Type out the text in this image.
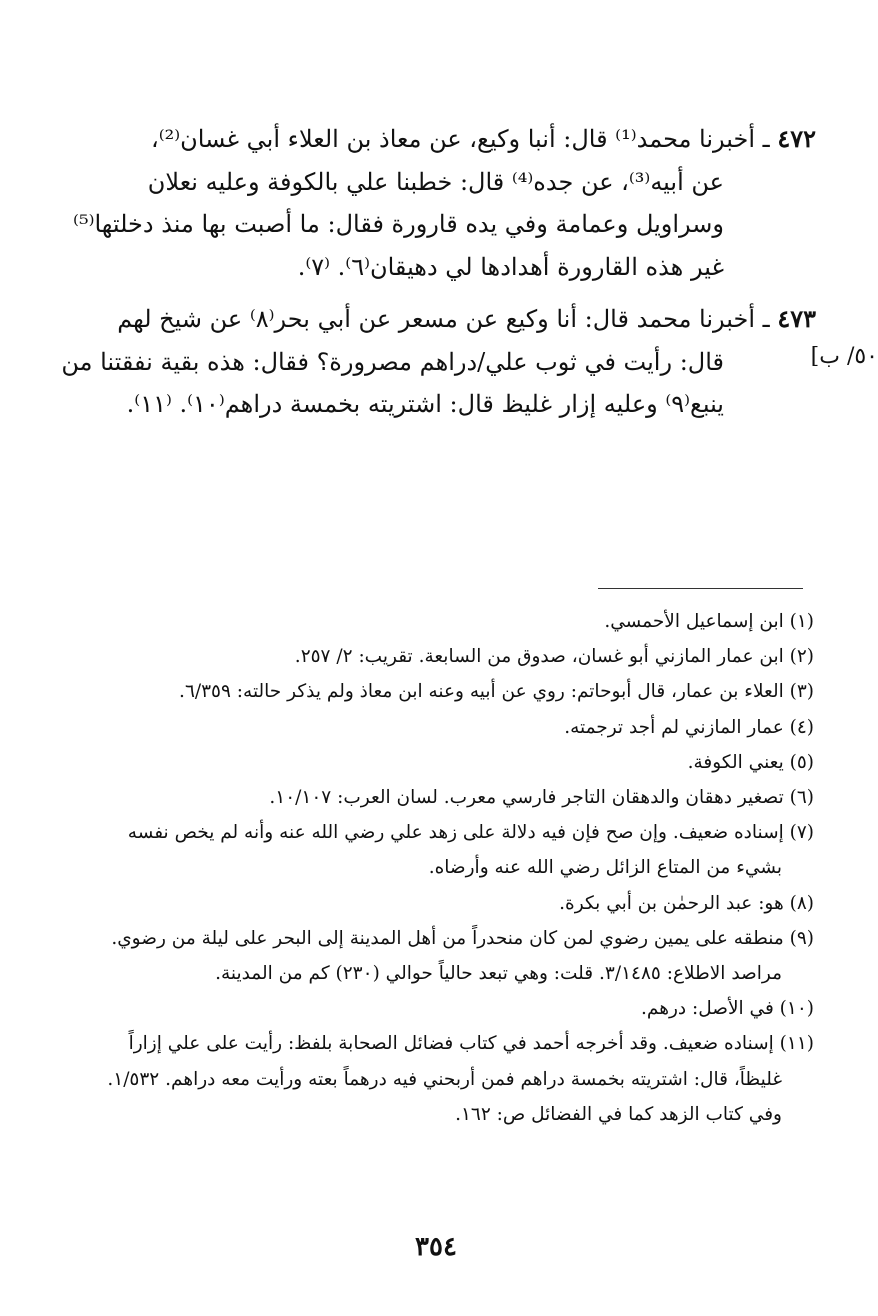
٤٧٢ ـ أخبرنا محمد⁽¹⁾ قال: أنبا وكيع، عن معاذ بن العلاء أبي غسان⁽²⁾،
عن أبيه⁽³⁾، عن جده⁽⁴⁾ قال: خطبنا علي بالكوفة وعليه نعلان
وسراويل وعمامة وفي يده قارورة فقال: ما أصبت بها منذ دخلتها⁽⁵⁾
غير هذه القارورة أهدادها لي دهيقان⁽٦⁾. ⁽٧⁾.
٤٧٣ ـ أخبرنا محمد قال: أنا وكيع عن مسعر عن أبي بحر⁽٨⁾ عن شيخ لهم
قال: رأيت في ثوب علي/دراهم مصرورة؟ فقال: هذه بقية نفقتنا من
ينبع⁽٩⁾ وعليه إزار غليظ قال: اشتريته بخمسة دراهم⁽١٠⁾. ⁽١١⁾.
٥٠/ ب]
(١) ابن إسماعيل الأحمسي.
(٢) ابن عمار المازني أبو غسان، صدوق من السابعة. تقريب: ٢/ ٢٥٧.
(٣) العلاء بن عمار، قال أبوحاتم: روي عن أبيه وعنه ابن معاذ ولم يذكر حالته: ٦/٣٥٩.
(٤) عمار المازني لم أجد ترجمته.
(٥) يعني الكوفة.
(٦) تصغير دهقان والدهقان التاجر فارسي معرب. لسان العرب: ١٠/١٠٧.
(٧) إسناده ضعيف. وإن صح فإن فيه دلالة على زهد علي رضي الله عنه وأنه لم يخص نفسه بشيء من المتاع الزائل رضي الله عنه وأرضاه.
(٨) هو: عبد الرحمٰن بن أبي بكرة.
(٩) منطقه على يمين رضوي لمن كان منحدراً من أهل المدينة إلى البحر على ليلة من رضوي. مراصد الاطلاع: ٣/١٤٨٥. قلت: وهي تبعد حالياً حوالي (٢٣٠) كم من المدينة.
(١٠) في الأصل: درهم.
(١١) إسناده ضعيف. وقد أخرجه أحمد في كتاب فضائل الصحابة بلفظ: رأيت على علي إزاراً غليظاً، قال: اشتريته بخمسة دراهم فمن أربحني فيه درهماً بعته ورأيت معه دراهم. ١/٥٣٢. وفي كتاب الزهد كما في الفضائل ص: ١٦٢.
٣٥٤
